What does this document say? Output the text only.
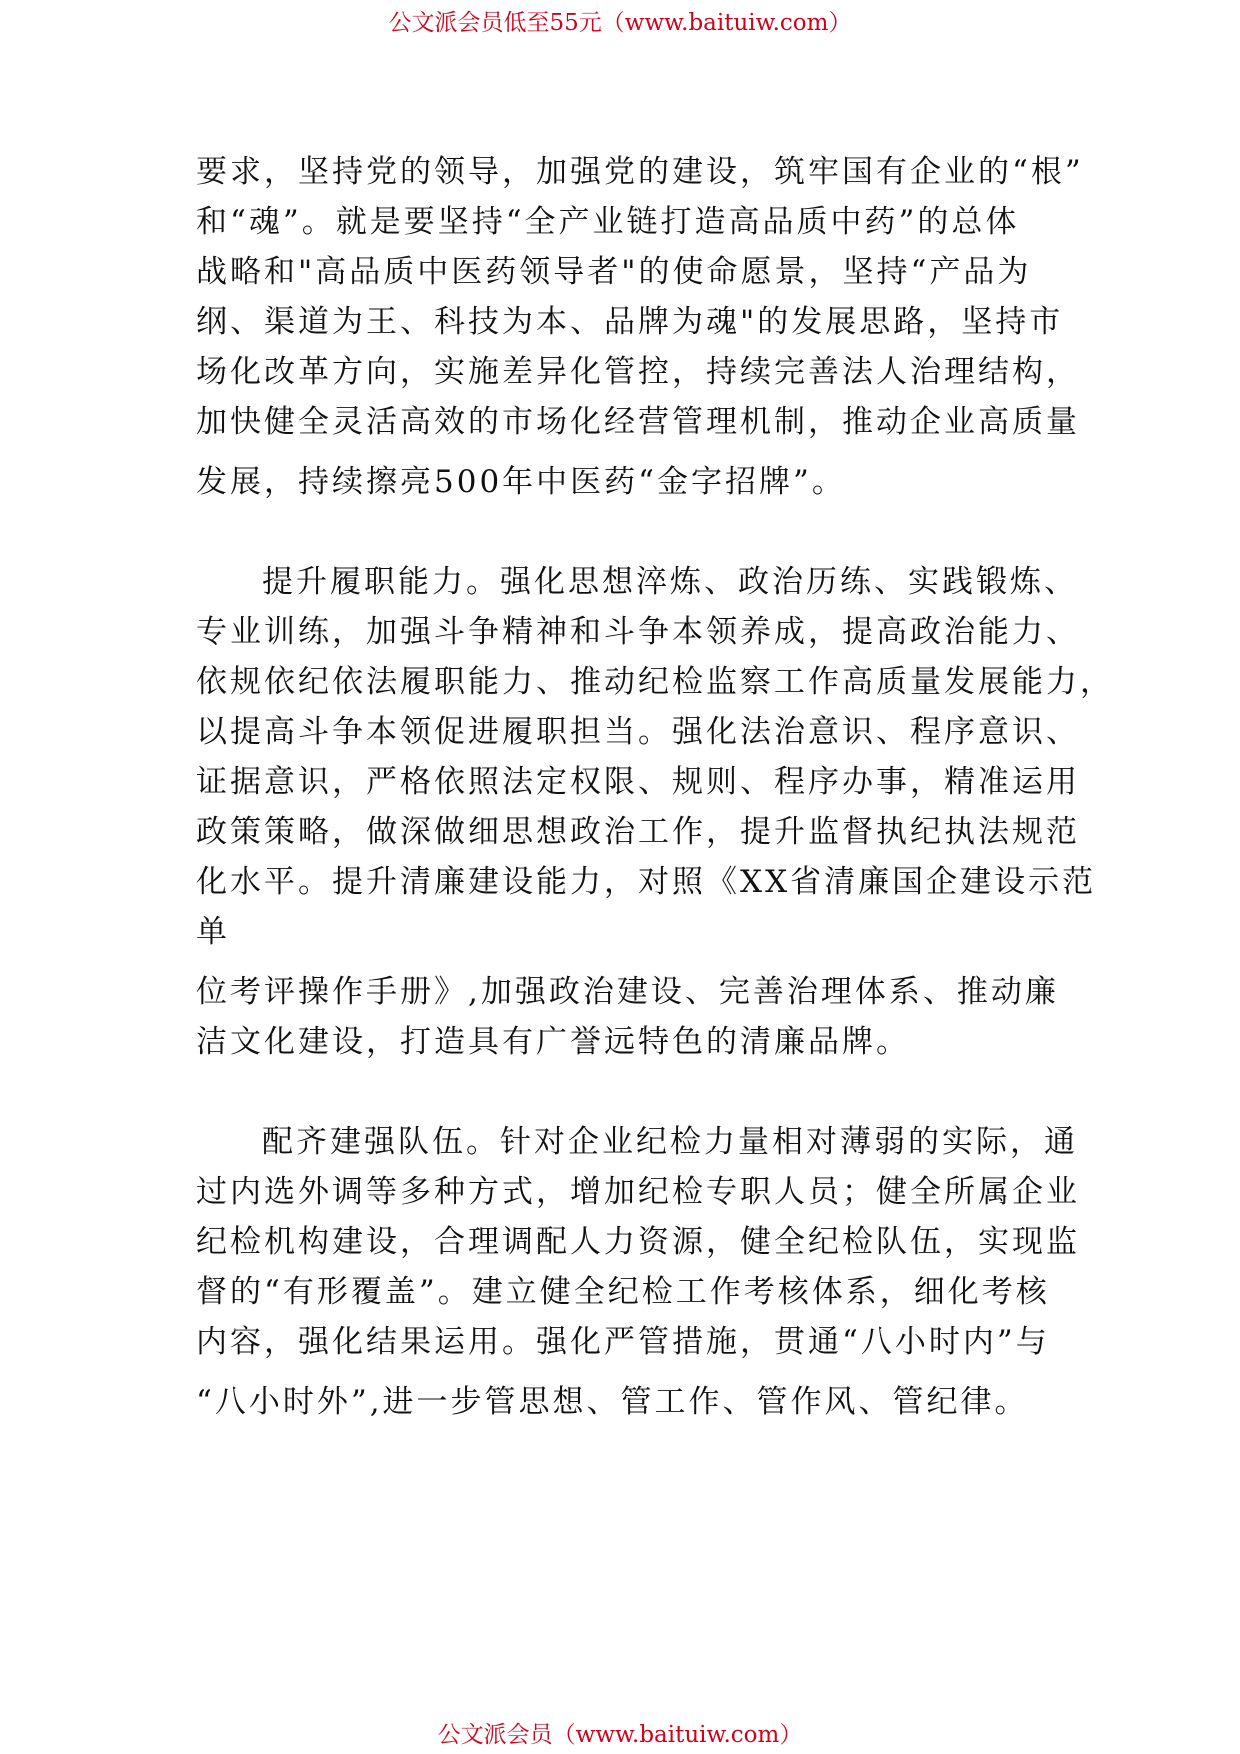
公文派会员低至55元（www.baituiw.com）
要求，坚持党的领导，加强党的建设，筑牢国有企业的“根”
和“魂”。就是要坚持“全产业链打造高品质中药”的总体
战略和"高品质中医药领导者"的使命愿景，坚持“产品为
纲、渠道为王、科技为本、品牌为魂"的发展思路，坚持市
场化改革方向，实施差异化管控，持续完善法人治理结构，
加快健全灵活高效的市场化经营管理机制，推动企业高质量
发展，持续擦亮500年中医药“金字招牌”。
提升履职能力。强化思想淬炼、政治历练、实践锻炼、
专业训练，加强斗争精神和斗争本领养成，提高政治能力、
依规依纪依法履职能力、推动纪检监察工作高质量发展能力，
以提高斗争本领促进履职担当。强化法治意识、程序意识、
证据意识，严格依照法定权限、规则、程序办事，精准运用
政策策略，做深做细思想政治工作，提升监督执纪执法规范
化水平。提升清廉建设能力，对照《XX省清廉国企建设示范
单
位考评操作手册》,加强政治建设、完善治理体系、推动廉
洁文化建设，打造具有广誉远特色的清廉品牌。
配齐建强队伍。针对企业纪检力量相对薄弱的实际，通
过内选外调等多种方式，增加纪检专职人员；健全所属企业
纪检机构建设，合理调配人力资源，健全纪检队伍，实现监
督的“有形覆盖”。建立健全纪检工作考核体系，细化考核
内容，强化结果运用。强化严管措施，贯通“八小时内”与
“八小时外”,进一步管思想、管工作、管作风、管纪律。
公文派会员（www.baituiw.com）
